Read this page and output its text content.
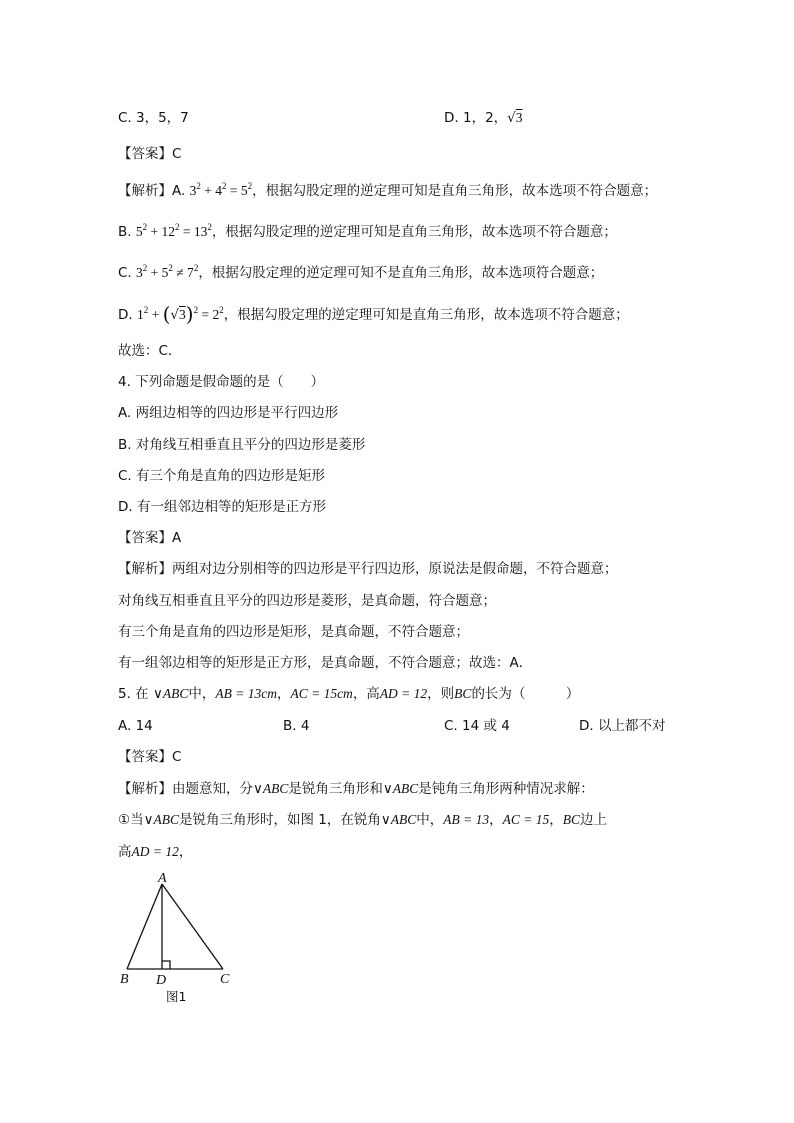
C. 3，5，7	D. 1，2，√3
【答案】C
【解析】A. $3^2 + 4^2 = 5^2$，根据勾股定理的逆定理可知是直角三角形，故本选项不符合题意；
B. $5^2 + 12^2 = 13^2$，根据勾股定理的逆定理可知是直角三角形，故本选项不符合题意；
C. $3^2 + 5^2 \ne 7^2$，根据勾股定理的逆定理可知不是直角三角形，故本选项符合题意；
D. $1^2 + (√3)^2 = 2^2$，根据勾股定理的逆定理可知是直角三角形，故本选项不符合题意；
故选：C．
4. 下列命题是假命题的是（　　）
A. 两组边相等的四边形是平行四边形
B. 对角线互相垂直且平分的四边形是菱形
C. 有三个角是直角的四边形是矩形
D. 有一组邻边相等的矩形是正方形
【答案】A
【解析】两组对边分别相等的四边形是平行四边形，原说法是假命题，不符合题意；
对角线互相垂直且平分的四边形是菱形，是真命题，符合题意；
有三个角是直角的四边形是矩形，是真命题，不符合题意；
有一组邻边相等的矩形是正方形，是真命题，不符合题意；故选：A．
5. 在 ∨ABC中，AB = 13cm，AC = 15cm，高AD = 12，则BC的长为（　　　）
A. 14	B. 4	C. 14 或 4	D. 以上都不对
【答案】C
【解析】由题意知，分∨ABC是锐角三角形和∨ABC是钝角三角形两种情况求解：
①当∨ABC是锐角三角形时，如图 1，在锐角∨ABC中，AB = 13，AC = 15，BC边上
高AD = 12，
A
B D	C
图1
